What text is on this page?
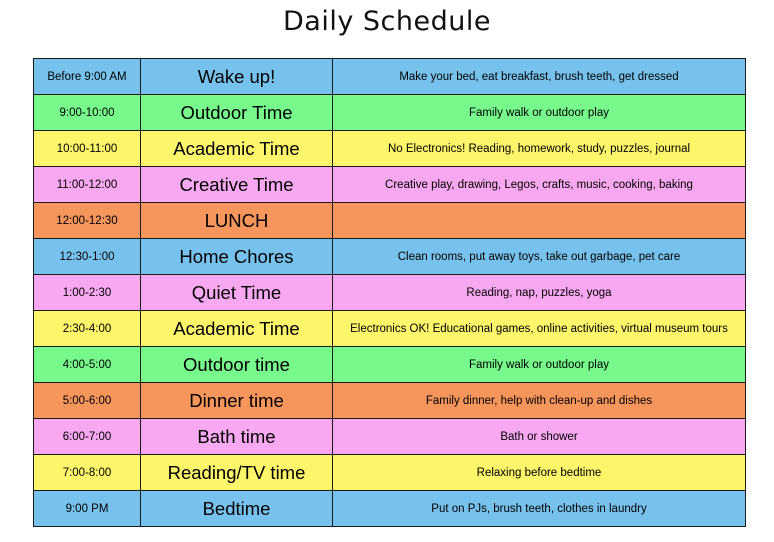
Daily Schedule
Before 9:00 AM	Wake up!	Make your bed, eat breakfast, brush teeth, get dressed
9:00-10:00	Outdoor Time	Family walk or outdoor play
10:00-11:00	Academic Time	No Electronics! Reading, homework, study, puzzles, journal
11:00-12:00	Creative Time	Creative play, drawing, Legos, crafts, music, cooking, baking
12:00-12:30	LUNCH	
12:30-1:00	Home Chores	Clean rooms, put away toys, take out garbage, pet care
1:00-2:30	Quiet Time	Reading, nap, puzzles, yoga
2:30-4:00	Academic Time	Electronics OK! Educational games, online activities, virtual museum tours
4:00-5:00	Outdoor time	Family walk or outdoor play
5:00-6:00	Dinner time	Family dinner, help with clean-up and dishes
6:00-7:00	Bath time	Bath or shower
7:00-8:00	Reading/TV time	Relaxing before bedtime
9:00 PM	Bedtime	Put on PJs, brush teeth, clothes in laundry
